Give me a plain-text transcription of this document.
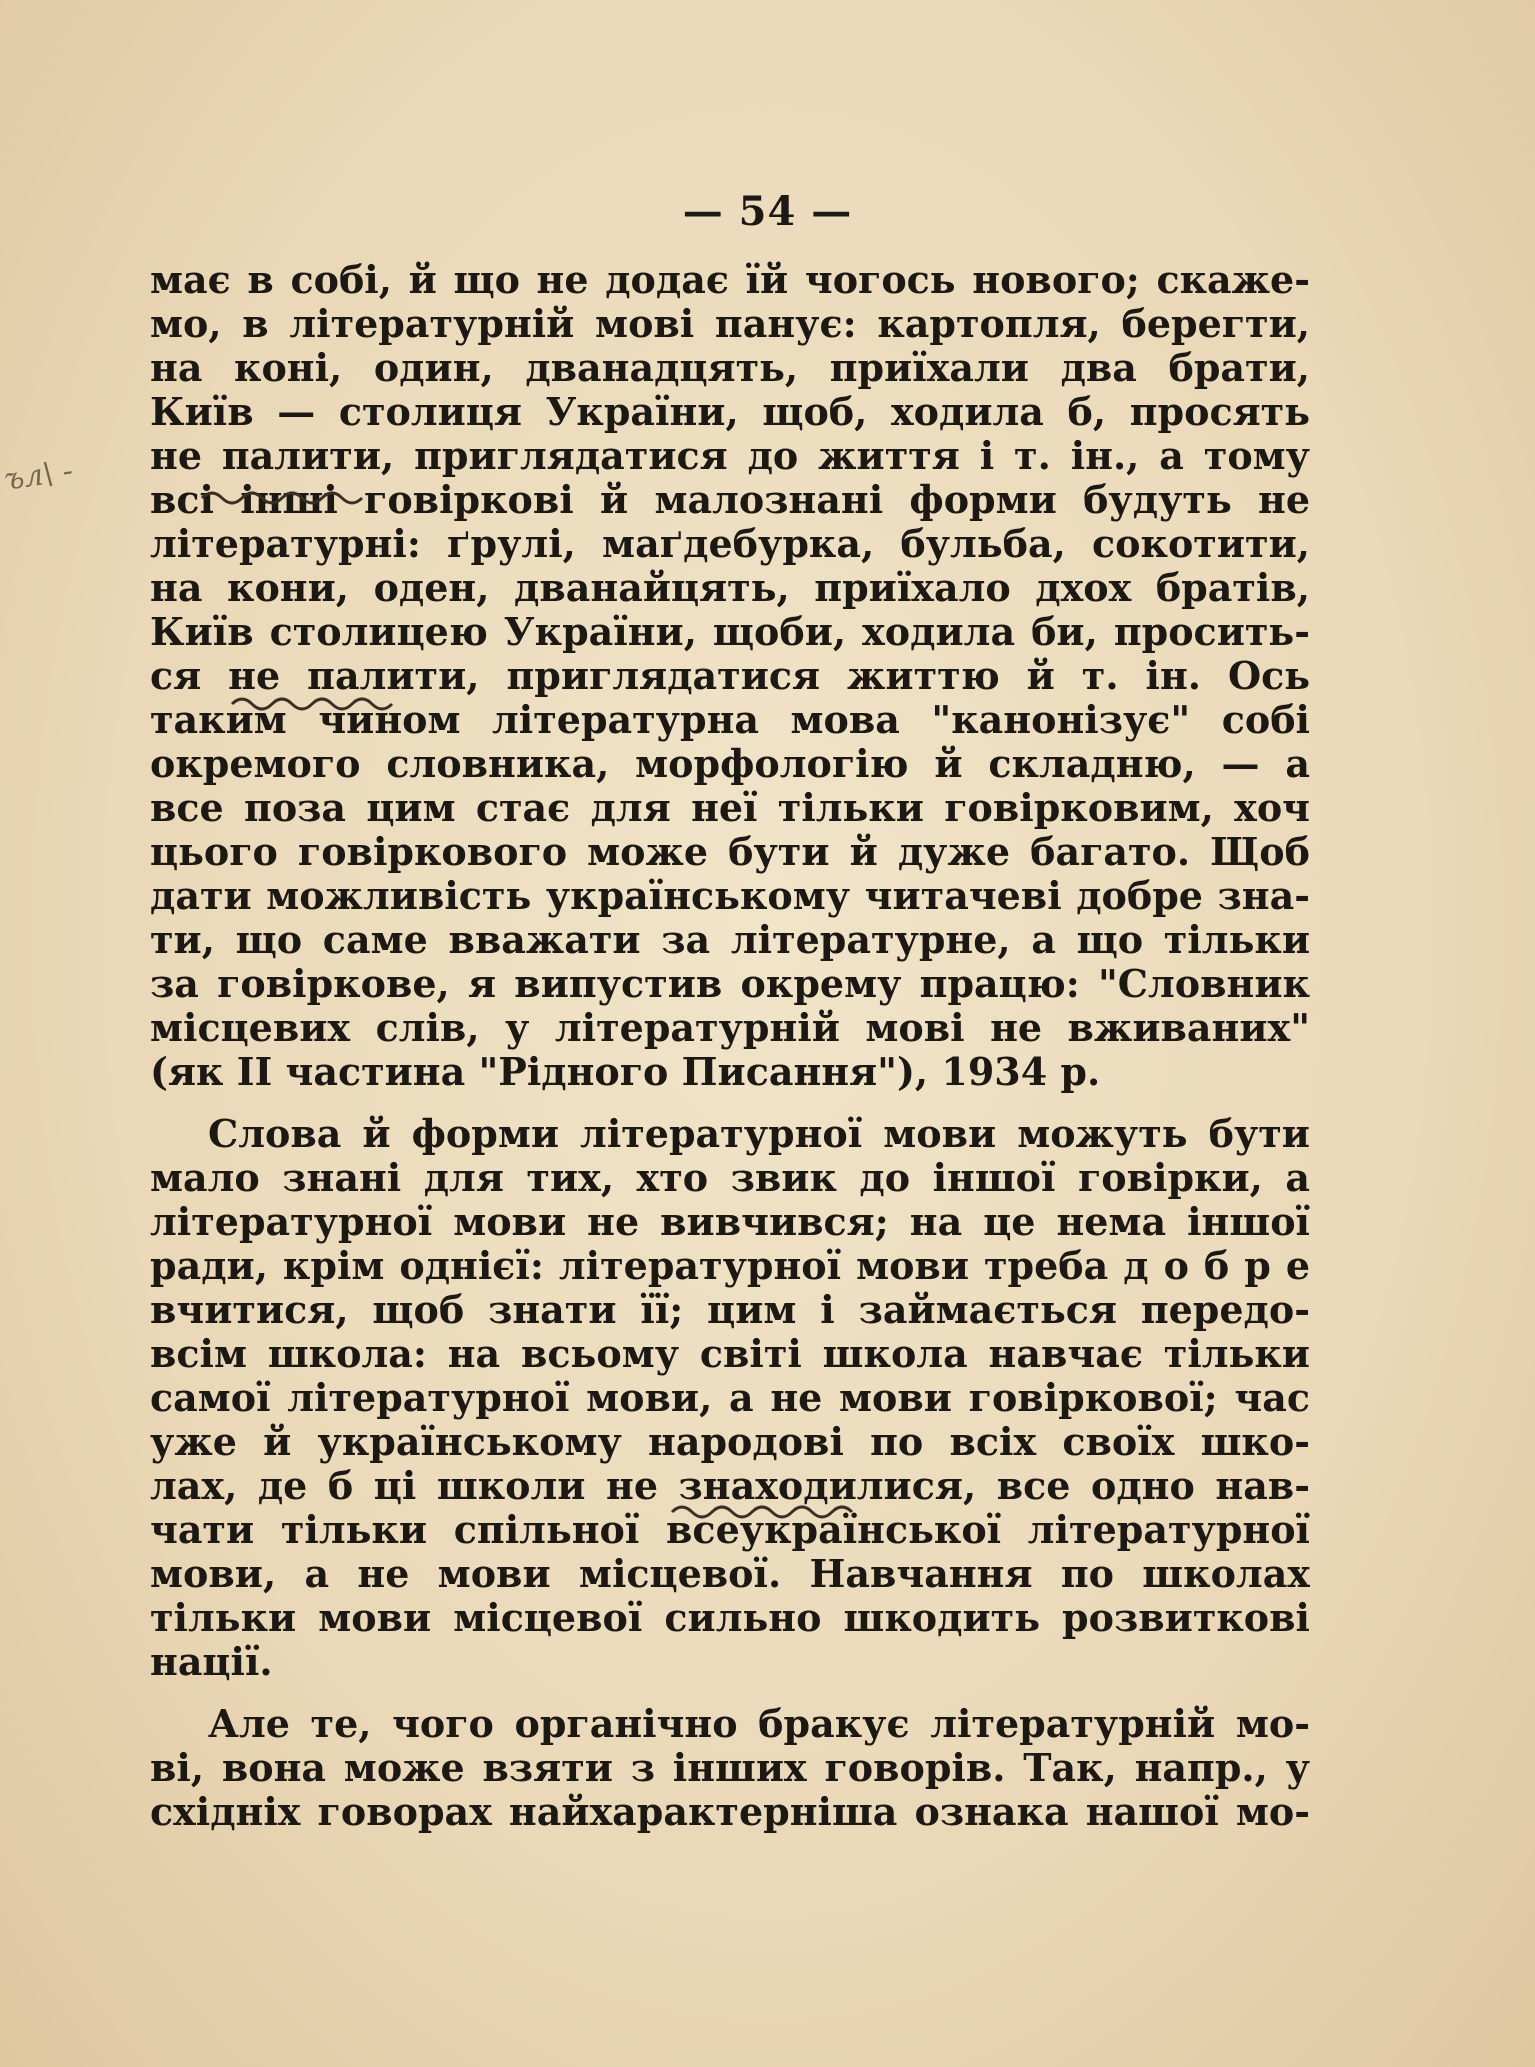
— 54 —
ъл\ -
має в собі, й що не додає їй чогось нового; скаже-
мо, в літературній мові панує: картопля, берегти,
на коні, один, дванадцять, приїхали два брати,
Київ — столиця України, щоб, ходила б, просять
не палити, приглядатися до життя і т. ін., а тому
всі інші говіркові й малознані форми будуть не
літературні: ґрулі, маґдебурка, бульба, сокотити,
на кони, оден, дванайцять, приїхало дхох братів,
Київ столицею України, щоби, ходила би, просить-
ся не палити, приглядатися життю й т. ін. Ось
таким чином літературна мова "канонізує" собі
окремого словника, морфологію й складню, — а
все поза цим стає для неї тільки говірковим, хоч
цього говіркового може бути й дуже багато. Щоб
дати можливість українському читачеві добре зна-
ти, що саме вважати за літературне, а що тільки
за говіркове, я випустив окрему працю: "Словник
місцевих слів, у літературній мові не вживаних"
(як II частина "Рідного Писання"), 1934 р.
Слова й форми літературної мови можуть бути
мало знані для тих, хто звик до іншої говірки, а
літературної мови не вивчився; на це нема іншої
ради, крім однієї: літературної мови треба д о б р е
вчитися, щоб знати її; цим і займається передо-
всім школа: на всьому світі школа навчає тільки
самої літературної мови, а не мови говіркової; час
уже й українському народові по всіх своїх шко-
лах, де б ці школи не знаходилися, все одно нав-
чати тільки спільної всеукраїнської літературної
мови, а не мови місцевої. Навчання по школах
тільки мови місцевої сильно шкодить розвиткові
нації.
Але те, чого органічно бракує літературній мо-
ві, вона може взяти з інших говорів. Так, напр., у
східніх говорах найхарактерніша ознака нашої мо-
